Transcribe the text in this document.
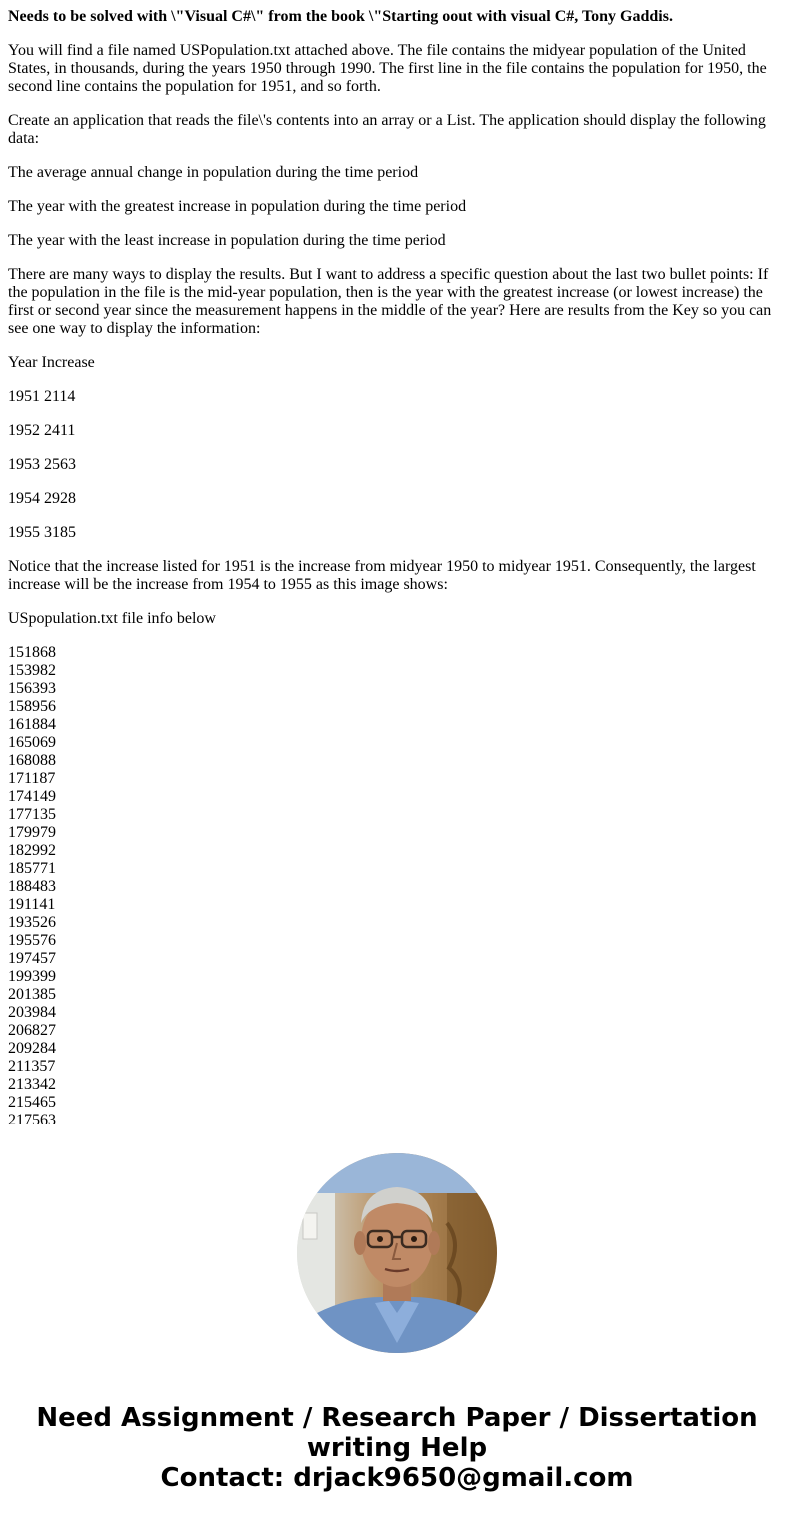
Needs to be solved with \"Visual C#\" from the book \"Starting oout with visual C#, Tony Gaddis.

You will find a file named USPopulation.txt attached above. The file contains the midyear population of the United States, in thousands, during the years 1950 through 1990. The first line in the file contains the population for 1950, the second line contains the population for 1951, and so forth.

Create an application that reads the file\'s contents into an array or a List. The application should display the following data:

The average annual change in population during the time period

The year with the greatest increase in population during the time period

The year with the least increase in population during the time period

There are many ways to display the results. But I want to address a specific question about the last two bullet points: If the population in the file is the mid-year population, then is the year with the greatest increase (or lowest increase) the first or second year since the measurement happens in the middle of the year? Here are results from the Key so you can see one way to display the information:

Year Increase

1951 2114

1952 2411

1953 2563

1954 2928

1955 3185

Notice that the increase listed for 1951 is the increase from midyear 1950 to midyear 1951. Consequently, the largest increase will be the increase from 1954 to 1955 as this image shows:

USpopulation.txt file info below

151868
153982
156393
158956
161884
165069
168088
171187
174149
177135
179979
182992
185771
188483
191141
193526
195576
197457
199399
201385
203984
206827
209284
211357
213342
215465
217563
Need Assignment / Research Paper / Dissertation
writing Help
Contact: drjack9650@gmail.com
